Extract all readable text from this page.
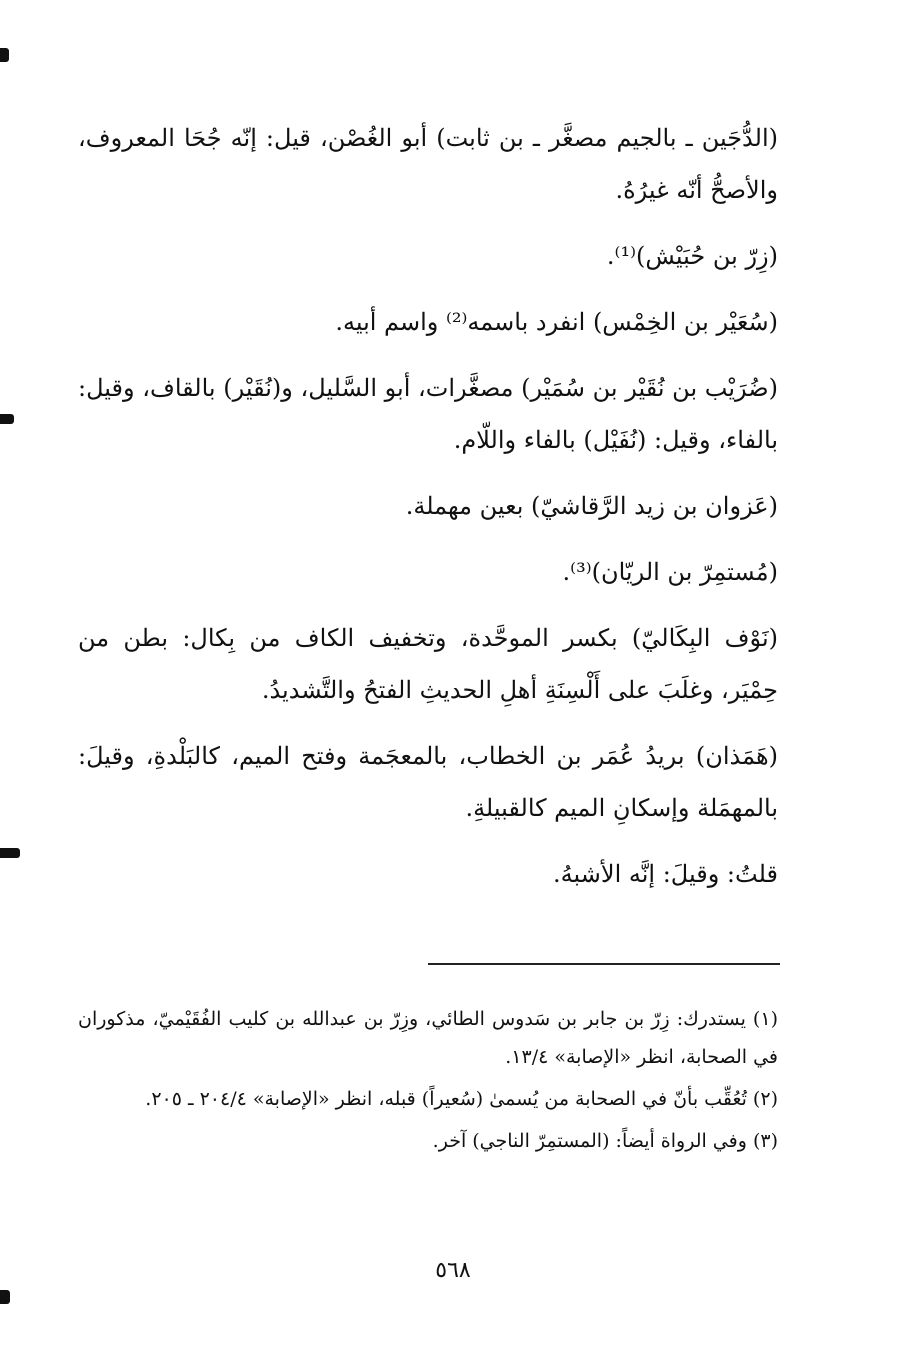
(الدُّجَين ـ بالجيم مصغَّر ـ بن ثابت) أبو الغُصْن، قيل: إنّه جُحَا المعروف، والأصحُّ أنّه غيرُهُ.

(زِرّ بن حُبَيْش)⁽¹⁾.

(سُعَيْر بن الخِمْس) انفرد باسمه⁽²⁾ واسم أبيه.

(ضُرَيْب بن نُقَيْر بن سُمَيْر) مصغَّرات، أبو السَّليل، و(نُقَيْر) بالقاف، وقيل: بالفاء، وقيل: (نُفَيْل) بالفاء واللّام.

(عَزوان بن زيد الرَّقاشيّ) بعين مهملة.

(مُستمِرّ بن الريّان)⁽³⁾.

(نَوْف البِكَاليّ) بكسر الموحَّدة، وتخفيف الكاف من بِكال: بطن من حِمْيَر، وغلَبَ على أَلْسِنَةِ أهلِ الحديثِ الفتحُ والتَّشديدُ.

(هَمَذان) بريدُ عُمَر بن الخطاب، بالمعجَمة وفتح الميم، كالبَلْدةِ، وقيلَ: بالمهمَلة وإسكانِ الميم كالقبيلةِ.

قلتُ: وقيلَ: إنَّه الأشبهُ.

(١) يستدرك: زِرّ بن جابر بن سَدوس الطائي، وزِرّ بن عبدالله بن كليب الفُقَيْميّ، مذكوران في الصحابة، انظر «الإصابة» ١٣/٤.

(٢) تُعُقِّب بأنّ في الصحابة من يُسمىٰ (سُعيراً) قبله، انظر «الإصابة» ٢٠٤/٤ ـ ٢٠٥.

(٣) وفي الرواة أيضاً: (المستمِرّ الناجي) آخر.

٥٦٨
